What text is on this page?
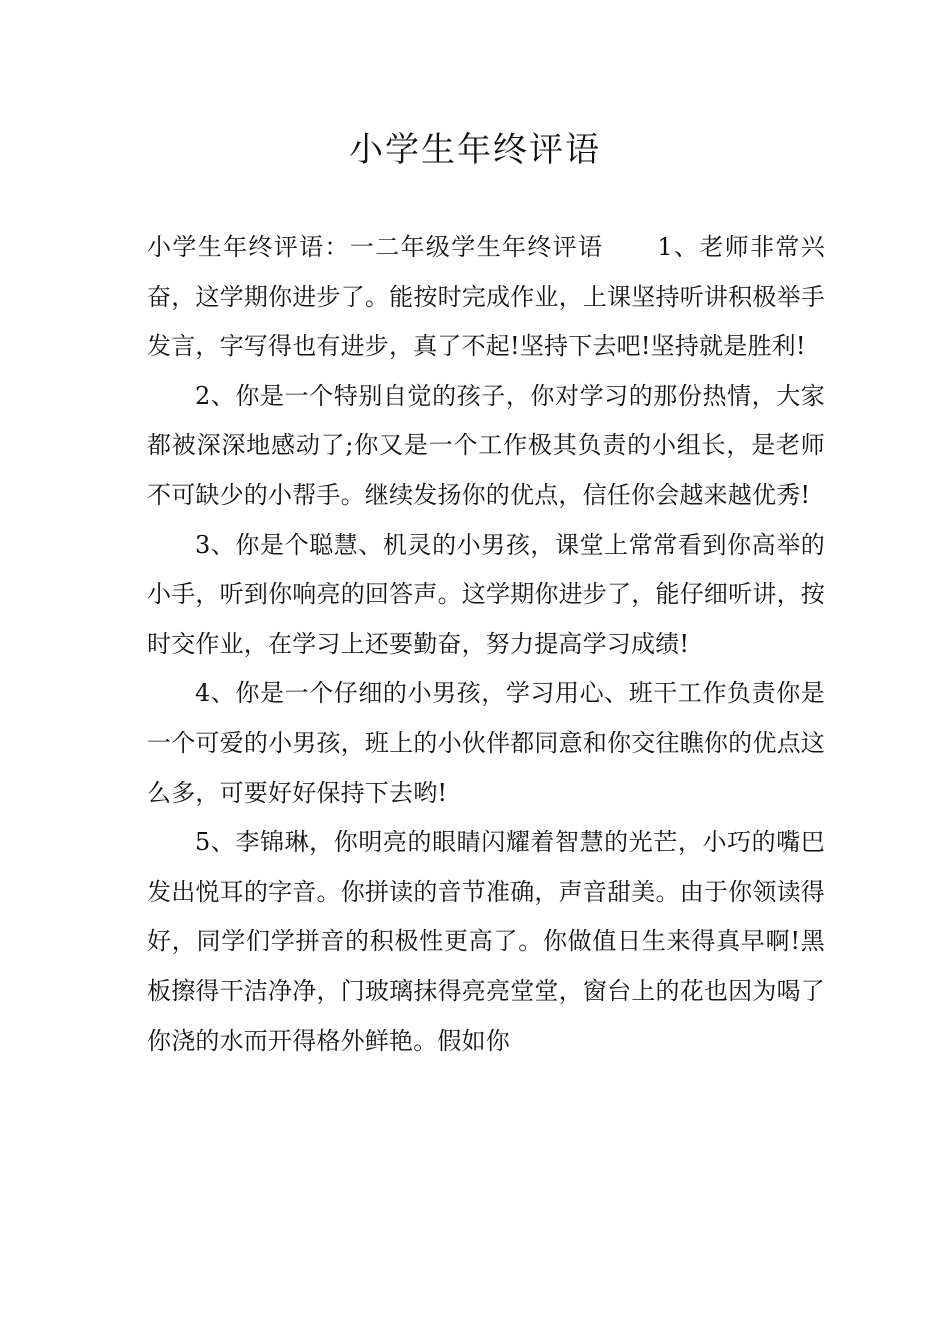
小学生年终评语

小学生年终评语：一二年级学生年终评语 1、老师非常兴奋，这学期你进步了。能按时完成作业，上课坚持听讲积极举手发言，字写得也有进步，真了不起!坚持下去吧!坚持就是胜利!

2、你是一个特别自觉的孩子，你对学习的那份热情，大家都被深深地感动了;你又是一个工作极其负责的小组长，是老师不可缺少的小帮手。继续发扬你的优点，信任你会越来越优秀!

3、你是个聪慧、机灵的小男孩，课堂上常常看到你高举的小手，听到你响亮的回答声。这学期你进步了，能仔细听讲，按时交作业，在学习上还要勤奋，努力提高学习成绩!

4、你是一个仔细的小男孩，学习用心、班干工作负责你是一个可爱的小男孩，班上的小伙伴都同意和你交往瞧你的优点这么多，可要好好保持下去哟!

5、李锦琳，你明亮的眼睛闪耀着智慧的光芒，小巧的嘴巴发出悦耳的字音。你拼读的音节准确，声音甜美。由于你领读得好，同学们学拼音的积极性更高了。你做值日生来得真早啊!黑板擦得干洁净净，门玻璃抹得亮亮堂堂，窗台上的花也因为喝了你浇的水而开得格外鲜艳。假如你
